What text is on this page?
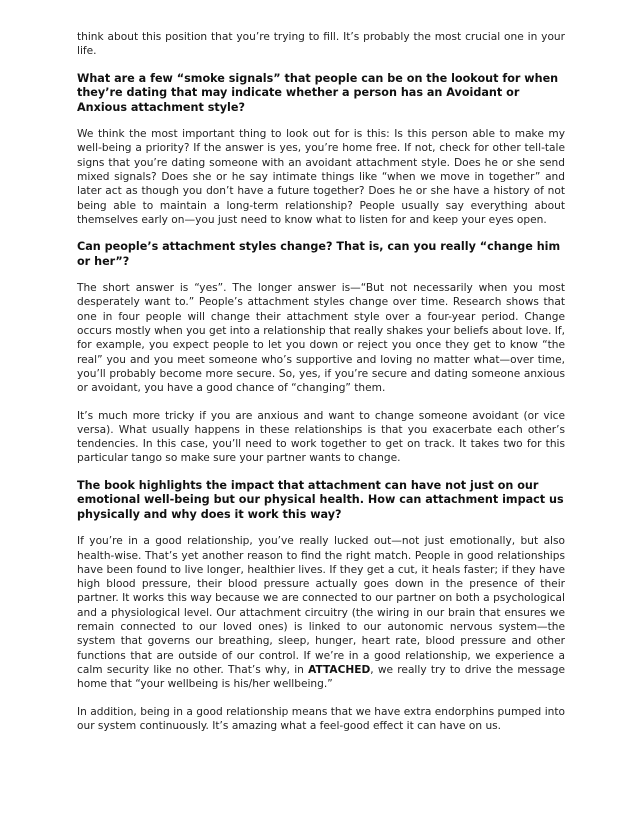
think about this position that you’re trying to fill. It’s probably the most crucial one in your life.

What are a few “smoke signals” that people can be on the lookout for when they’re dating that may indicate whether a person has an Avoidant or Anxious attachment style?

We think the most important thing to look out for is this: Is this person able to make my well-being a priority? If the answer is yes, you’re home free. If not, check for other tell-tale signs that you’re dating someone with an avoidant attachment style. Does he or she send mixed signals? Does she or he say intimate things like “when we move in together” and later act as though you don’t have a future together? Does he or she have a history of not being able to maintain a long-term relationship? People usually say everything about themselves early on—you just need to know what to listen for and keep your eyes open.

Can people’s attachment styles change? That is, can you really “change him or her”?

The short answer is “yes”. The longer answer is—“But not necessarily when you most desperately want to.” People’s attachment styles change over time. Research shows that one in four people will change their attachment style over a four-year period. Change occurs mostly when you get into a relationship that really shakes your beliefs about love. If, for example, you expect people to let you down or reject you once they get to know “the real” you and you meet someone who’s supportive and loving no matter what—over time, you’ll probably become more secure. So, yes, if you’re secure and dating someone anxious or avoidant, you have a good chance of “changing” them.

It’s much more tricky if you are anxious and want to change someone avoidant (or vice versa). What usually happens in these relationships is that you exacerbate each other’s tendencies. In this case, you’ll need to work together to get on track. It takes two for this particular tango so make sure your partner wants to change.

The book highlights the impact that attachment can have not just on our emotional well-being but our physical health. How can attachment impact us physically and why does it work this way?

If you’re in a good relationship, you’ve really lucked out—not just emotionally, but also health-wise. That’s yet another reason to find the right match. People in good relationships have been found to live longer, healthier lives. If they get a cut, it heals faster; if they have high blood pressure, their blood pressure actually goes down in the presence of their partner. It works this way because we are connected to our partner on both a psychological and a physiological level. Our attachment circuitry (the wiring in our brain that ensures we remain connected to our loved ones) is linked to our autonomic nervous system—the system that governs our breathing, sleep, hunger, heart rate, blood pressure and other functions that are outside of our control. If we’re in a good relationship, we experience a calm security like no other. That’s why, in ATTACHED, we really try to drive the message home that “your wellbeing is his/her wellbeing.”

In addition, being in a good relationship means that we have extra endorphins pumped into our system continuously. It’s amazing what a feel-good effect it can have on us.
